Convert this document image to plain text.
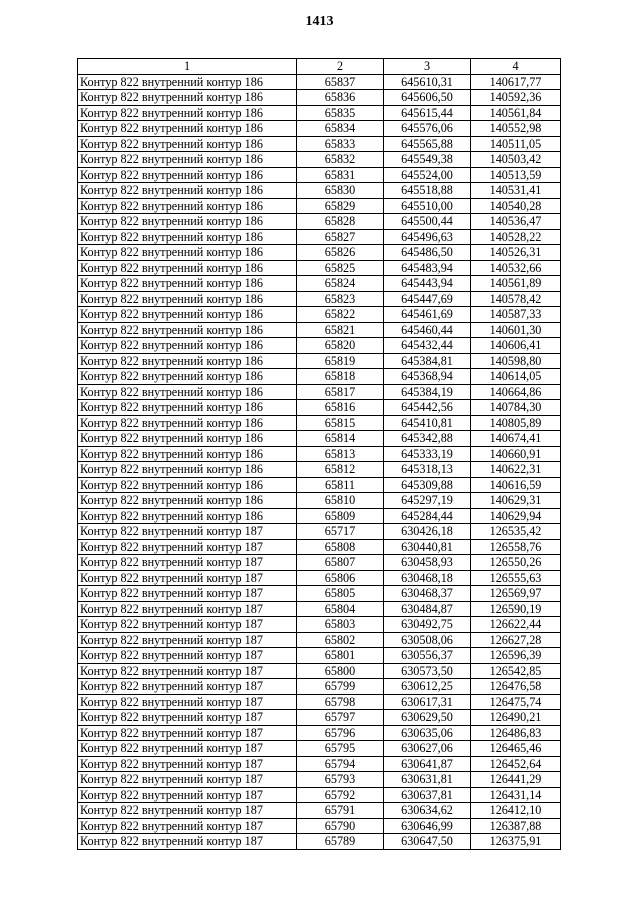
1413
1	2	3	4
Контур 822 внутренний контур 186	65837	645610,31	140617,77
Контур 822 внутренний контур 186	65836	645606,50	140592,36
Контур 822 внутренний контур 186	65835	645615,44	140561,84
Контур 822 внутренний контур 186	65834	645576,06	140552,98
Контур 822 внутренний контур 186	65833	645565,88	140511,05
Контур 822 внутренний контур 186	65832	645549,38	140503,42
Контур 822 внутренний контур 186	65831	645524,00	140513,59
Контур 822 внутренний контур 186	65830	645518,88	140531,41
Контур 822 внутренний контур 186	65829	645510,00	140540,28
Контур 822 внутренний контур 186	65828	645500,44	140536,47
Контур 822 внутренний контур 186	65827	645496,63	140528,22
Контур 822 внутренний контур 186	65826	645486,50	140526,31
Контур 822 внутренний контур 186	65825	645483,94	140532,66
Контур 822 внутренний контур 186	65824	645443,94	140561,89
Контур 822 внутренний контур 186	65823	645447,69	140578,42
Контур 822 внутренний контур 186	65822	645461,69	140587,33
Контур 822 внутренний контур 186	65821	645460,44	140601,30
Контур 822 внутренний контур 186	65820	645432,44	140606,41
Контур 822 внутренний контур 186	65819	645384,81	140598,80
Контур 822 внутренний контур 186	65818	645368,94	140614,05
Контур 822 внутренний контур 186	65817	645384,19	140664,86
Контур 822 внутренний контур 186	65816	645442,56	140784,30
Контур 822 внутренний контур 186	65815	645410,81	140805,89
Контур 822 внутренний контур 186	65814	645342,88	140674,41
Контур 822 внутренний контур 186	65813	645333,19	140660,91
Контур 822 внутренний контур 186	65812	645318,13	140622,31
Контур 822 внутренний контур 186	65811	645309,88	140616,59
Контур 822 внутренний контур 186	65810	645297,19	140629,31
Контур 822 внутренний контур 186	65809	645284,44	140629,94
Контур 822 внутренний контур 187	65717	630426,18	126535,42
Контур 822 внутренний контур 187	65808	630440,81	126558,76
Контур 822 внутренний контур 187	65807	630458,93	126550,26
Контур 822 внутренний контур 187	65806	630468,18	126555,63
Контур 822 внутренний контур 187	65805	630468,37	126569,97
Контур 822 внутренний контур 187	65804	630484,87	126590,19
Контур 822 внутренний контур 187	65803	630492,75	126622,44
Контур 822 внутренний контур 187	65802	630508,06	126627,28
Контур 822 внутренний контур 187	65801	630556,37	126596,39
Контур 822 внутренний контур 187	65800	630573,50	126542,85
Контур 822 внутренний контур 187	65799	630612,25	126476,58
Контур 822 внутренний контур 187	65798	630617,31	126475,74
Контур 822 внутренний контур 187	65797	630629,50	126490,21
Контур 822 внутренний контур 187	65796	630635,06	126486,83
Контур 822 внутренний контур 187	65795	630627,06	126465,46
Контур 822 внутренний контур 187	65794	630641,87	126452,64
Контур 822 внутренний контур 187	65793	630631,81	126441,29
Контур 822 внутренний контур 187	65792	630637,81	126431,14
Контур 822 внутренний контур 187	65791	630634,62	126412,10
Контур 822 внутренний контур 187	65790	630646,99	126387,88
Контур 822 внутренний контур 187	65789	630647,50	126375,91
